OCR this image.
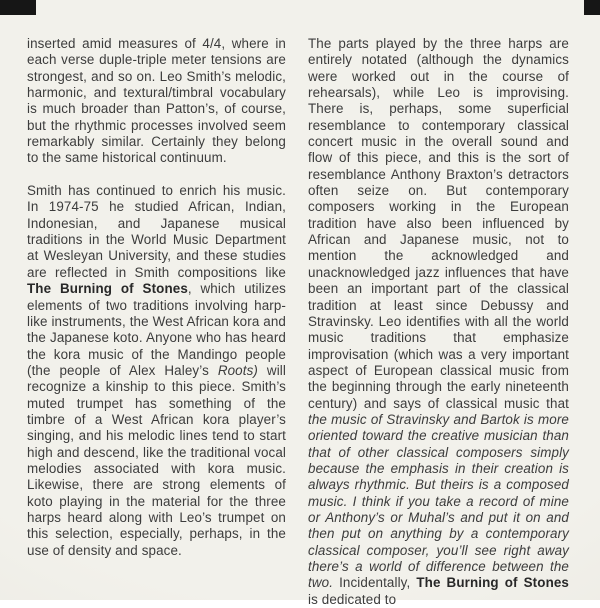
inserted amid measures of 4/4, where in each verse duple-triple meter tensions are strongest, and so on. Leo Smith’s melodic, harmonic, and textural/timbral vocabulary is much broader than Patton’s, of course, but the rhythmic processes involved seem remarkably similar. Certainly they belong to the same historical continuum.

Smith has continued to enrich his music. In 1974-75 he studied African, Indian, Indonesian, and Japanese musical traditions in the World Music Department at Wesleyan University, and these studies are reflected in Smith compositions like The Burning of Stones, which utilizes elements of two traditions involving harp-like instruments, the West African kora and the Japanese koto. Anyone who has heard the kora music of the Mandingo people (the people of Alex Haley’s Roots) will recognize a kinship to this piece. Smith’s muted trumpet has something of the timbre of a West African kora player’s singing, and his melodic lines tend to start high and descend, like the traditional vocal melodies associated with kora music. Likewise, there are strong elements of koto playing in the material for the three harps heard along with Leo’s trumpet on this selection, especially, perhaps, in the use of density and space.

The parts played by the three harps are entirely notated (although the dynamics were worked out in the course of rehearsals), while Leo is improvising. There is, perhaps, some superficial resemblance to contemporary classical concert music in the overall sound and flow of this piece, and this is the sort of resemblance Anthony Braxton’s detractors often seize on. But contemporary composers working in the European tradition have also been influenced by African and Japanese music, not to mention the acknowledged and unacknowledged jazz influences that have been an important part of the classical tradition at least since Debussy and Stravinsky. Leo identifies with all the world music traditions that emphasize improvisation (which was a very important aspect of European classical music from the beginning through the early nineteenth century) and says of classical music that the music of Stravinsky and Bartok is more oriented toward the creative musician than that of other classical composers simply because the emphasis in their creation is always rhythmic. But theirs is a composed music. I think if you take a record of mine or Anthony’s or Muhal’s and put it on and then put on anything by a contemporary classical composer, you’ll see right away there’s a world of difference between the two. Incidentally, The Burning of Stones is dedicated to
